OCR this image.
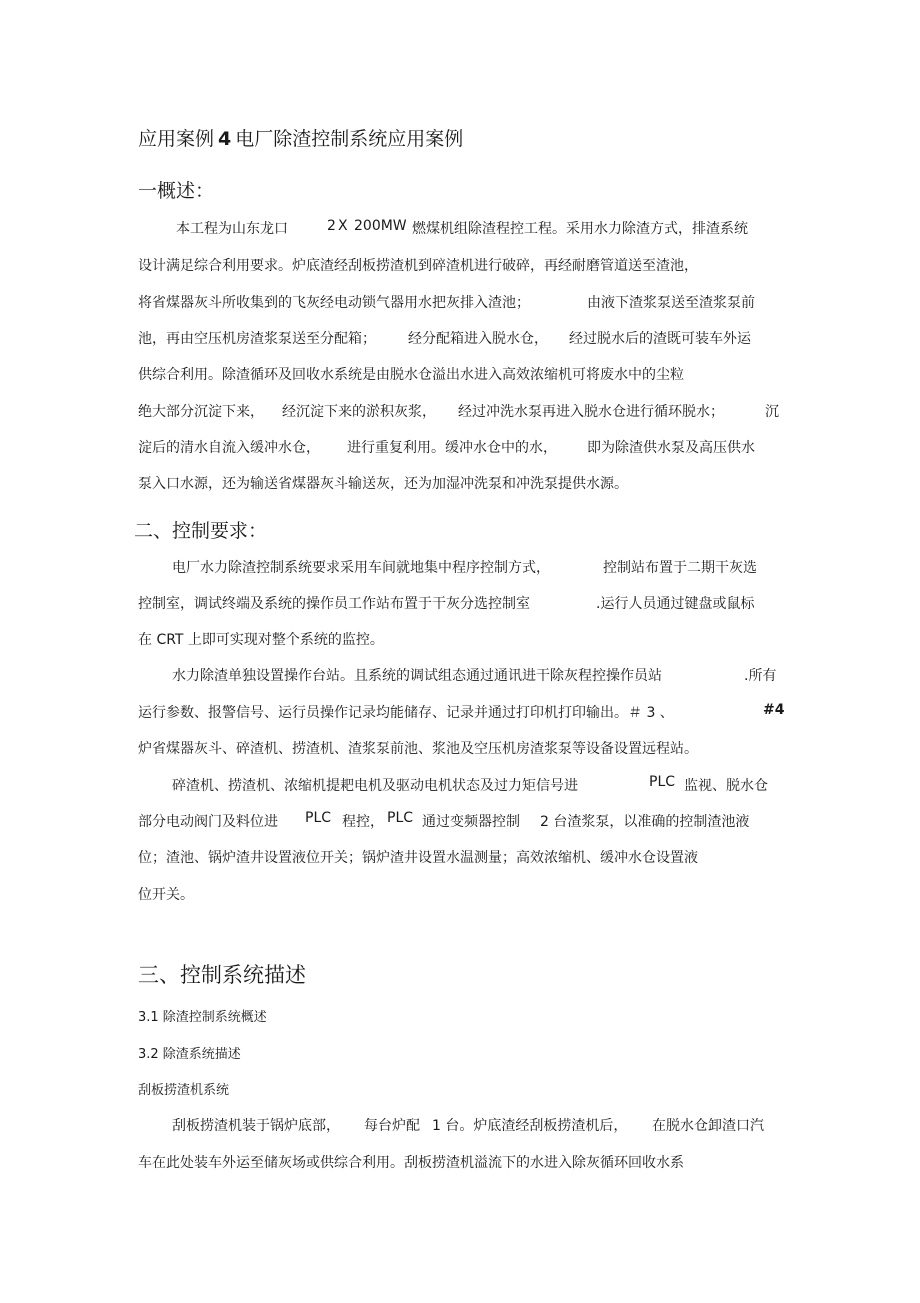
应用案例 4 电厂除渣控制系统应用案例
一概述：
本工程为山东龙口	2 X 200MW 燃煤机组除渣程控工程。采用水力除渣方式，排渣系统
设计满足综合利用要求。炉底渣经刮板捞渣机到碎渣机进行破碎，再经耐磨管道送至渣池，
将省煤器灰斗所收集到的飞灰经电动锁气器用水把灰排入渣池；	由液下渣浆泵送至渣浆泵前
池，再由空压机房渣浆泵送至分配箱； 经分配箱进入脱水仓， 经过脱水后的渣既可装车外运
供综合利用。除渣循环及回收水系统是由脱水仓溢出水进入高效浓缩机可将废水中的尘粒
绝大部分沉淀下来， 经沉淀下来的淤积灰浆， 经过冲洗水泵再进入脱水仓进行循环脱水；	沉
淀后的清水自流入缓冲水仓， 进行重复利用。缓冲水仓中的水， 即为除渣供水泵及高压供水
泵入口水源，还为输送省煤器灰斗输送灰，还为加湿冲洗泵和冲洗泵提供水源。
二、控制要求：
电厂水力除渣控制系统要求采用车间就地集中程序控制方式，	控制站布置于二期干灰选
控制室，调试终端及系统的操作员工作站布置于干灰分选控制室	.运行人员通过键盘或鼠标
在 CRT 上即可实现对整个系统的监控。
水力除渣单独设置操作台站。且系统的调试组态通过通讯进干除灰程控操作员站	.所有
运行参数、报警信号、运行员操作记录均能储存、记录并通过打印机打印输出。＃ 3 、	#4
炉省煤器灰斗、碎渣机、捞渣机、渣浆泵前池、浆池及空压机房渣浆泵等设备设置远程站。
碎渣机、捞渣机、浓缩机提耙电机及驱动电机状态及过力矩信号进	PLC 监视、脱水仓
部分电动阀门及料位进 PLC 程控， PLC 通过变频器控制 2 台渣浆泵，以准确的控制渣池液
位；渣池、锅炉渣井设置液位开关；锅炉渣井设置水温测量；高效浓缩机、缓冲水仓设置液
位开关。
三、控制系统描述
3.1 除渣控制系统概述
3.2 除渣系统描述
刮板捞渣机系统
刮板捞渣机装于锅炉底部， 每台炉配 1 台。炉底渣经刮板捞渣机后， 在脱水仓卸渣口汽
车在此处装车外运至储灰场或供综合利用。刮板捞渣机溢流下的水进入除灰循环回收水系
